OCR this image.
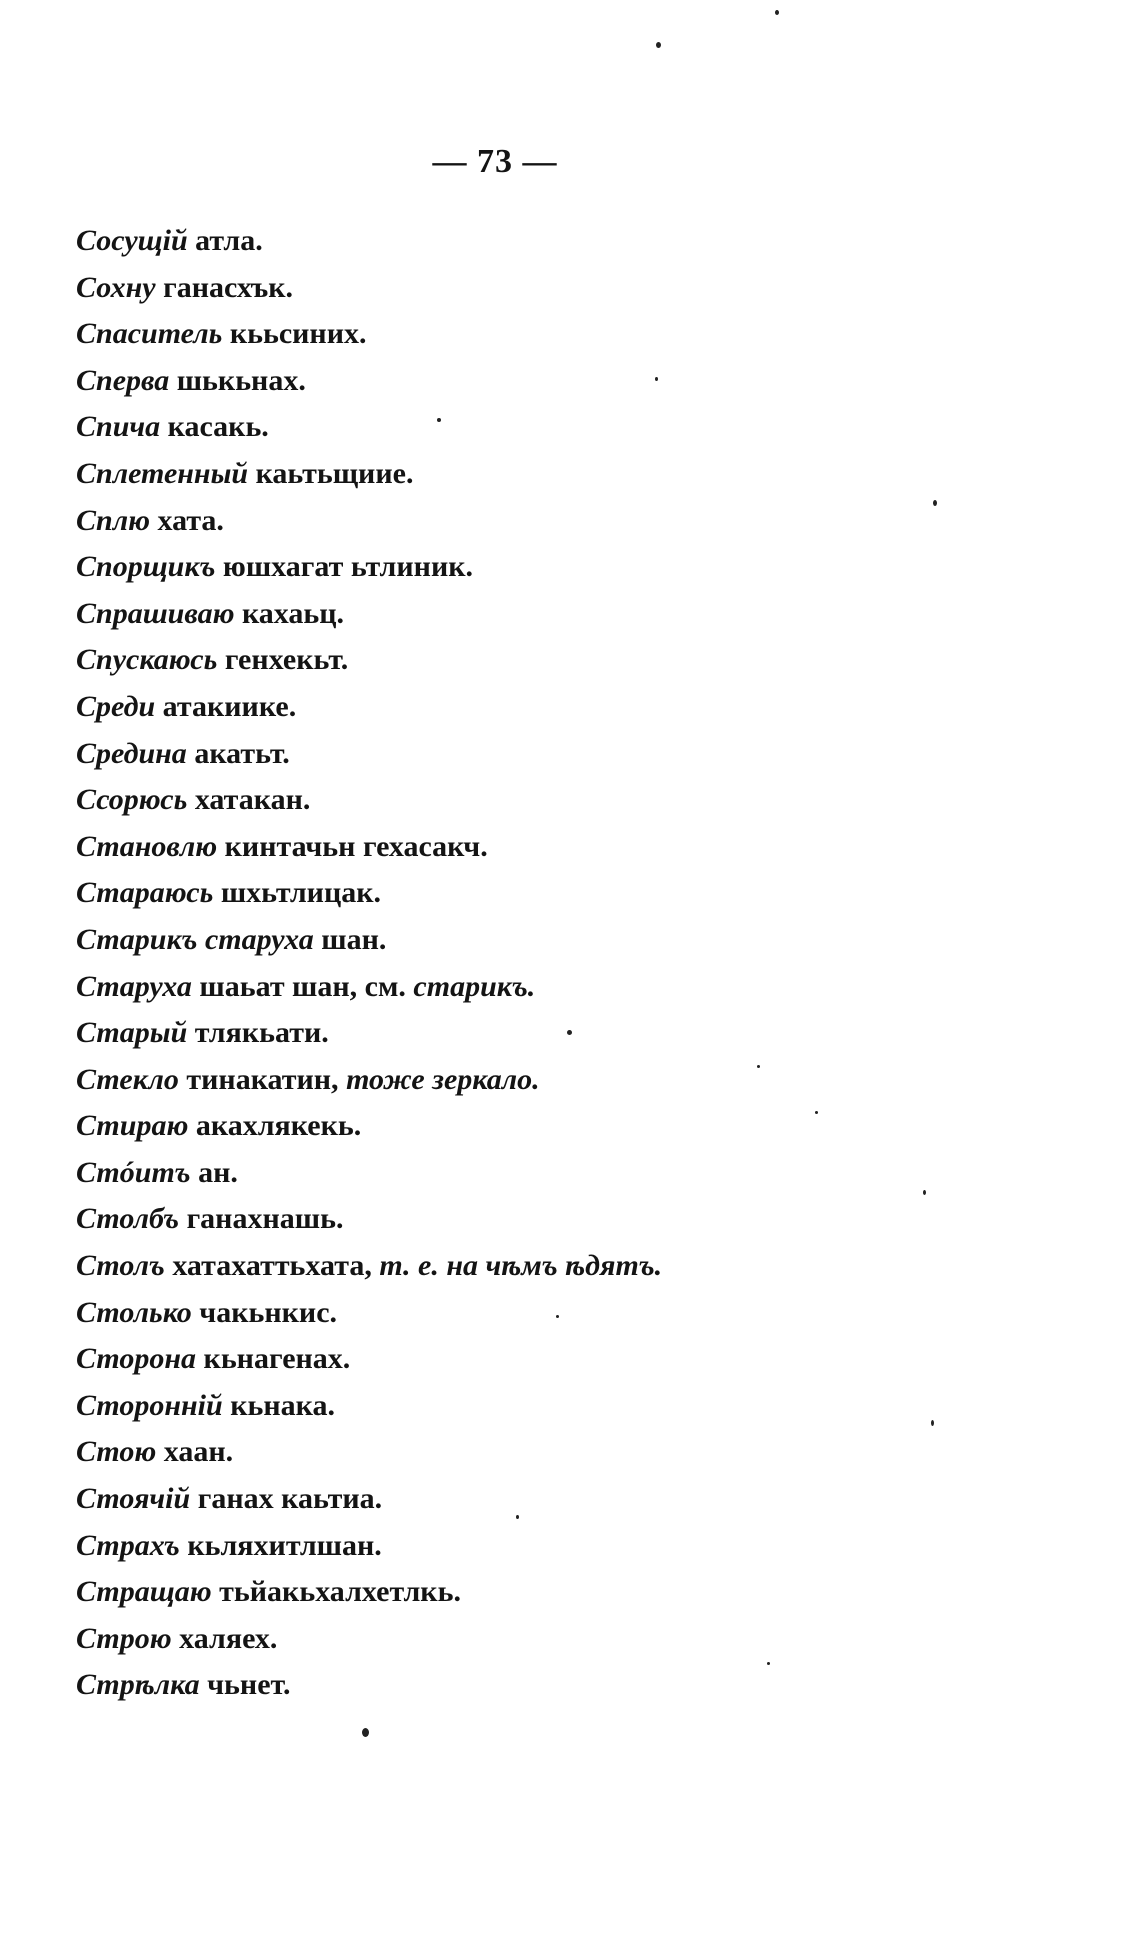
— 73 —
Сосущій атла.
Сохну ганасхък.
Спаситель кььсиних.
Сперва шькьнах.
Спича касакь.
Сплетенный каьтьщиие.
Сплю хата.
Спорщикъ юшхагат ьтлиник.
Спрашиваю кахаьц.
Спускаюсь генхекьт.
Среди атакиике.
Средина акатьт.
Ссорюсь хатакан.
Становлю кинтачьн гехасакч.
Стараюсь шхьтлицак.
Старикъ старуха шан.
Старуха шаьат шан, см. старикъ.
Старый тлякьати.
Стекло тинакатин, тоже зеркало.
Стираю акахлякекь.
Стóитъ ан.
Столбъ ганахнашь.
Столъ хатахаттьхата, т. е. на чѣмъ ѣдятъ.
Столько чакьнкис.
Сторона кьнагенах.
Сторонній кьнака.
Стою хаан.
Стоячій ганах каьтиа.
Страхъ кьляхитлшан.
Стращаю тьйакьхалхетлкь.
Строю халяех.
Стрѣлка чьнет.
